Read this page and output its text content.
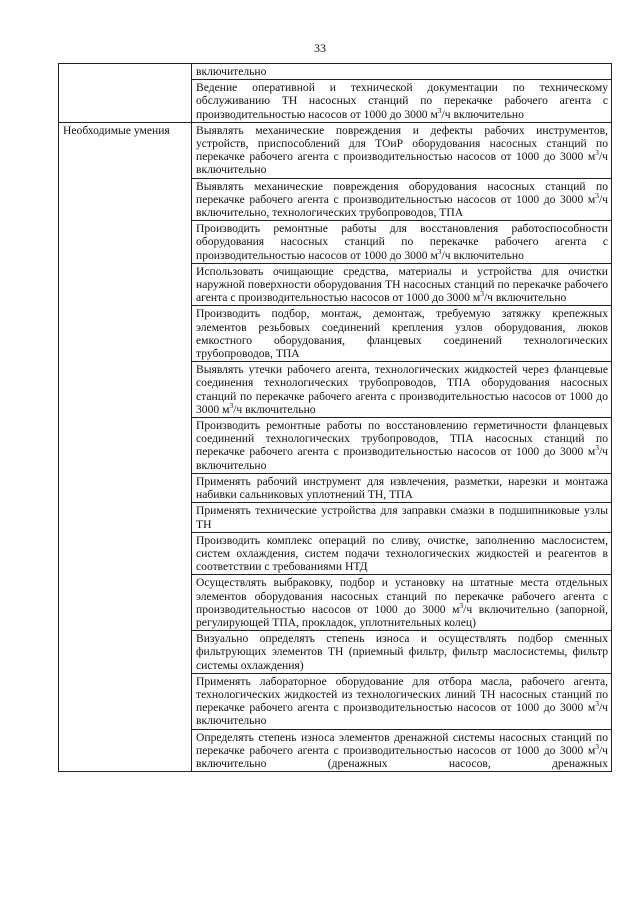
33
	включительно
	Ведение оперативной и технической документации по техническому обслуживанию ТН насосных станций по перекачке рабочего агента с производительностью насосов от 1000 до 3000 $м^3/ч$ включительно
Необходимые умения	Выявлять механические повреждения и дефекты рабочих инструментов, устройств, приспособлений для ТОиР оборудования насосных станций по перекачке рабочего агента с производительностью насосов от 1000 до 3000 $м^3/ч$ включительно
	Выявлять механические повреждения оборудования насосных станций по перекачке рабочего агента с производительностью насосов от 1000 до 3000 $м^3/ч$ включительно, технологических трубопроводов, ТПА
	Производить ремонтные работы для восстановления работоспособности оборудования насосных станций по перекачке рабочего агента с производительностью насосов от 1000 до 3000 $м^3/ч$ включительно
	Использовать очищающие средства, материалы и устройства для очистки наружной поверхности оборудования ТН насосных станций по перекачке рабочего агента с производительностью насосов от 1000 до 3000 $м^3/ч$ включительно
	Производить подбор, монтаж, демонтаж, требуемую затяжку крепежных элементов резьбовых соединений крепления узлов оборудования, люков емкостного оборудования, фланцевых соединений технологических трубопроводов, ТПА
	Выявлять утечки рабочего агента, технологических жидкостей через фланцевые соединения технологических трубопроводов, ТПА оборудования насосных станций по перекачке рабочего агента с производительностью насосов от 1000 до 3000 $м^3/ч$ включительно
	Производить ремонтные работы по восстановлению герметичности фланцевых соединений технологических трубопроводов, ТПА насосных станций по перекачке рабочего агента с производительностью насосов от 1000 до 3000 $м^3/ч$ включительно
	Применять рабочий инструмент для извлечения, разметки, нарезки и монтажа набивки сальниковых уплотнений ТН, ТПА
	Применять технические устройства для заправки смазки в подшипниковые узлы ТН
	Производить комплекс операций по сливу, очистке, заполнению маслосистем, систем охлаждения, систем подачи технологических жидкостей и реагентов в соответствии с требованиями НТД
	Осуществлять выбраковку, подбор и установку на штатные места отдельных элементов оборудования насосных станций по перекачке рабочего агента с производительностью насосов от 1000 до 3000 $м^3/ч$ включительно (запорной, регулирующей ТПА, прокладок, уплотнительных колец)
	Визуально определять степень износа и осуществлять подбор сменных фильтрующих элементов ТН (приемный фильтр, фильтр маслосистемы, фильтр системы охлаждения)
	Применять лабораторное оборудование для отбора масла, рабочего агента, технологических жидкостей из технологических линий ТН насосных станций по перекачке рабочего агента с производительностью насосов от 1000 до 3000 $м^3/ч$ включительно
	Определять степень износа элементов дренажной системы насосных станций по перекачке рабочего агента с производительностью насосов от 1000 до 3000 $м^3/ч$ включительно (дренажных насосов, дренажных
